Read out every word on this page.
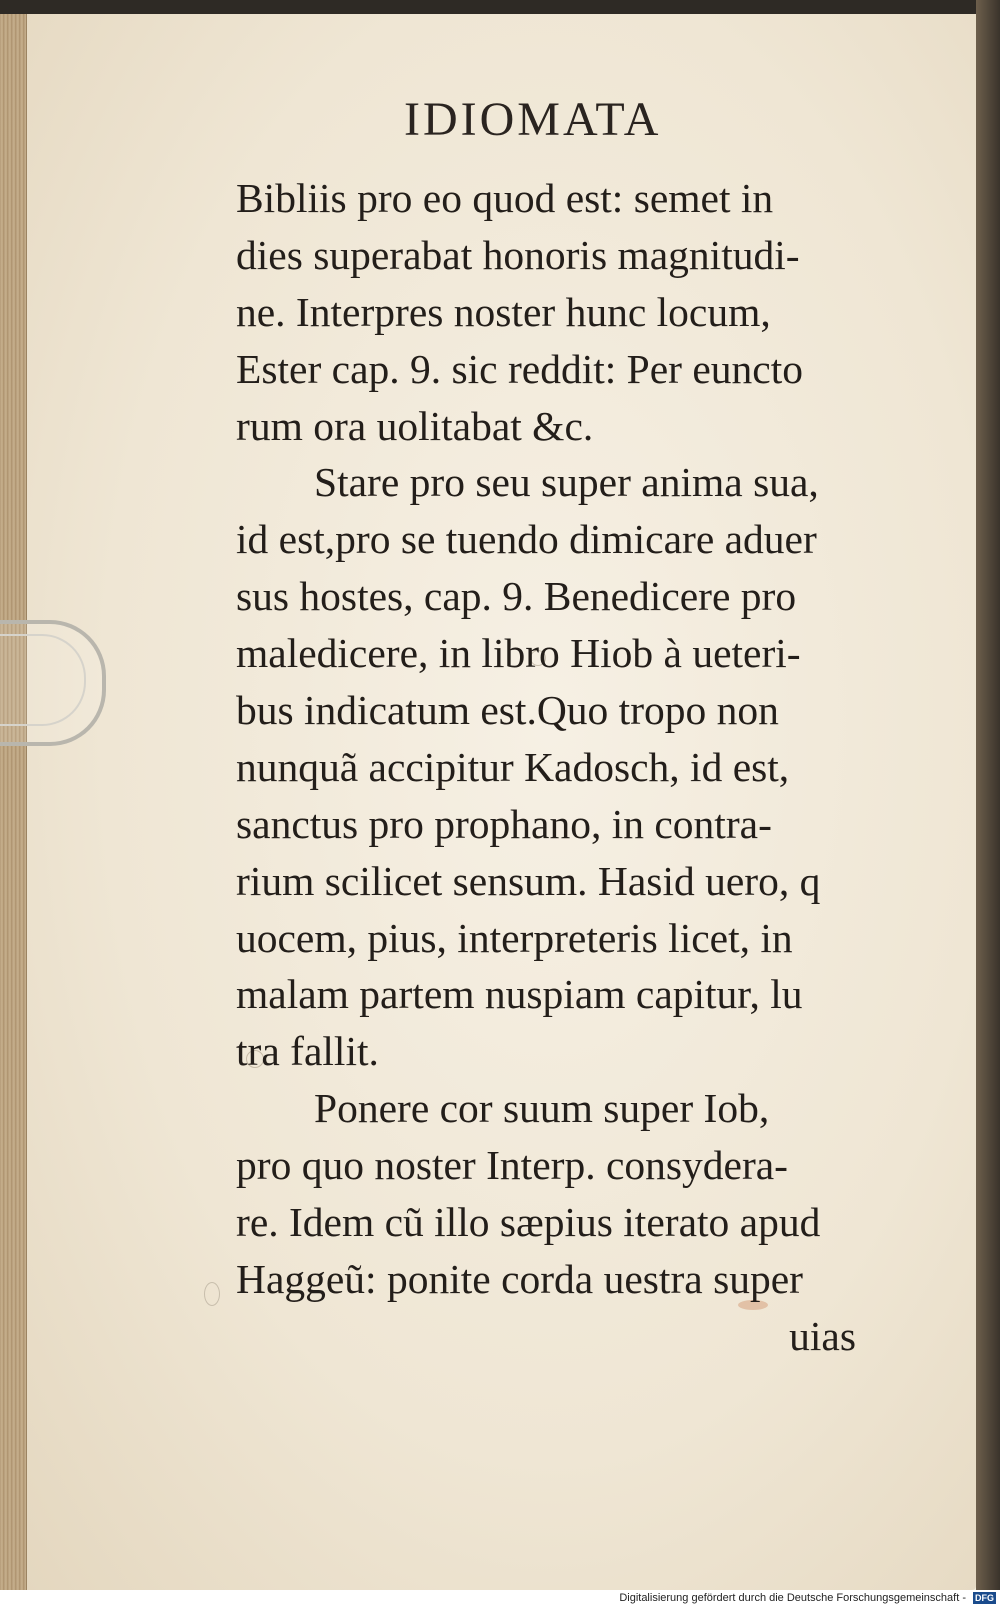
IDIOMATA
Bibliis pro eo quod est: semet in
dies superabat honoris magnitudi-
ne. Interpres noster hunc locum,
Ester cap. 9. sic reddit: Per euncto
rum ora uolitabat &c.
Stare pro seu super anima sua,
id est,pro se tuendo dimicare aduer
sus hostes, cap. 9. Benedicere pro
maledicere, in libro Hiob à ueteri-
bus indicatum est.Quo tropo non
nunquã accipitur Kadosch, id est,
sanctus pro prophano, in contra-
rium scilicet sensum. Hasid uero, q
uocem, pius, interpreteris licet, in
malam partem nuspiam capitur, lu
tra fallit.
Ponere cor suum super Iob,
pro quo noster Interp. consydera-
re. Idem cũ illo sæpius iterato apud
Haggeũ: ponite corda uestra super
uias
Digitalisierung gefördert durch die Deutsche Forschungsgemeinschaft - DFG
